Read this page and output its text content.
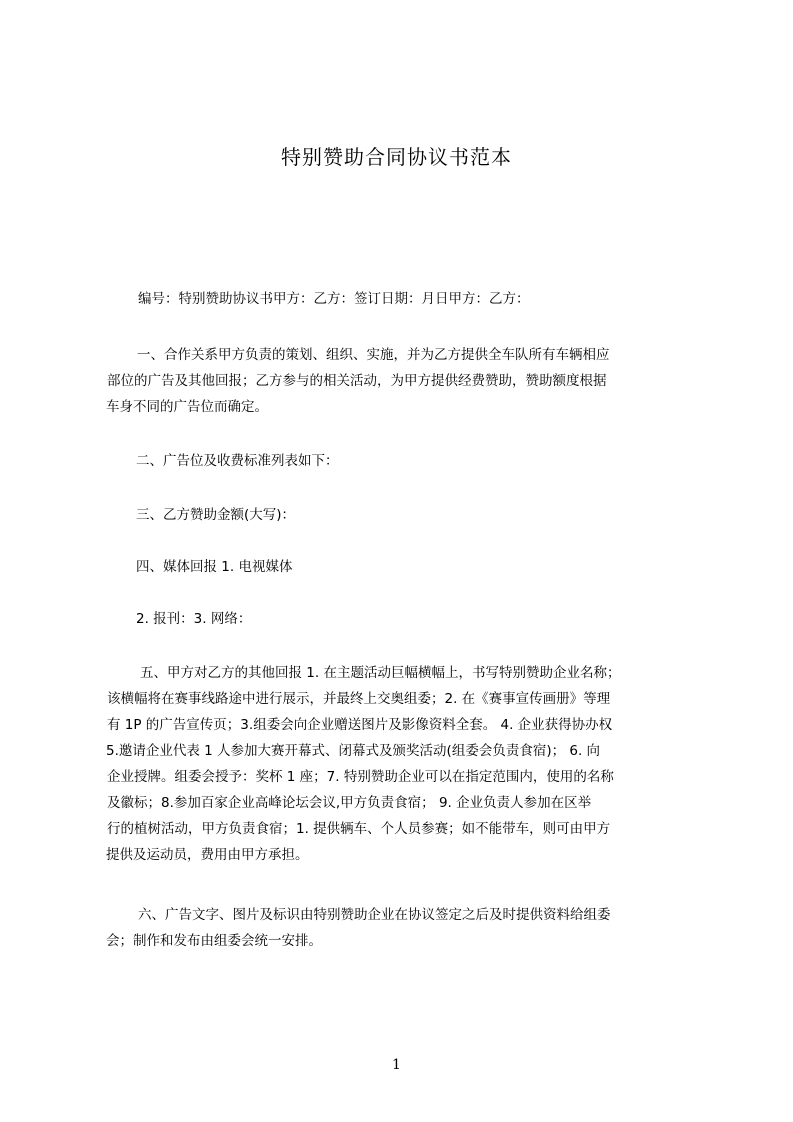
特别赞助合同协议书范本
编号：特别赞助协议书甲方：乙方：签订日期：月日甲方：乙方：
一、合作关系甲方负责的策划、组织、实施，并为乙方提供全车队所有车辆相应
部位的广告及其他回报；乙方参与的相关活动，为甲方提供经费赞助，赞助额度根据
车身不同的广告位而确定。
二、广告位及收费标准列表如下：
三、乙方赞助金额(大写)：
四、媒体回报 1. 电视媒体
2. 报刊：3. 网络：
五、甲方对乙方的其他回报 1. 在主题活动巨幅横幅上，书写特别赞助企业名称；
该横幅将在赛事线路途中进行展示，并最终上交奥组委；2. 在《赛事宣传画册》等理
有 1P 的广告宣传页；3.组委会向企业赠送图片及影像资料全套。 4. 企业获得协办权
5.邀请企业代表 1 人参加大赛开幕式、闭幕式及颁奖活动(组委会负责食宿)； 6. 向
企业授牌。组委会授予：奖杯 1 座；7. 特别赞助企业可以在指定范围内，使用的名称
及徽标；8.参加百家企业高峰论坛会议,甲方负责食宿； 9. 企业负责人参加在区举
行的植树活动，甲方负责食宿；1. 提供辆车、个人员参赛；如不能带车，则可由甲方
提供及运动员，费用由甲方承担。
六、广告文字、图片及标识由特别赞助企业在协议签定之后及时提供资料给组委
会；制作和发布由组委会统一安排。
1
